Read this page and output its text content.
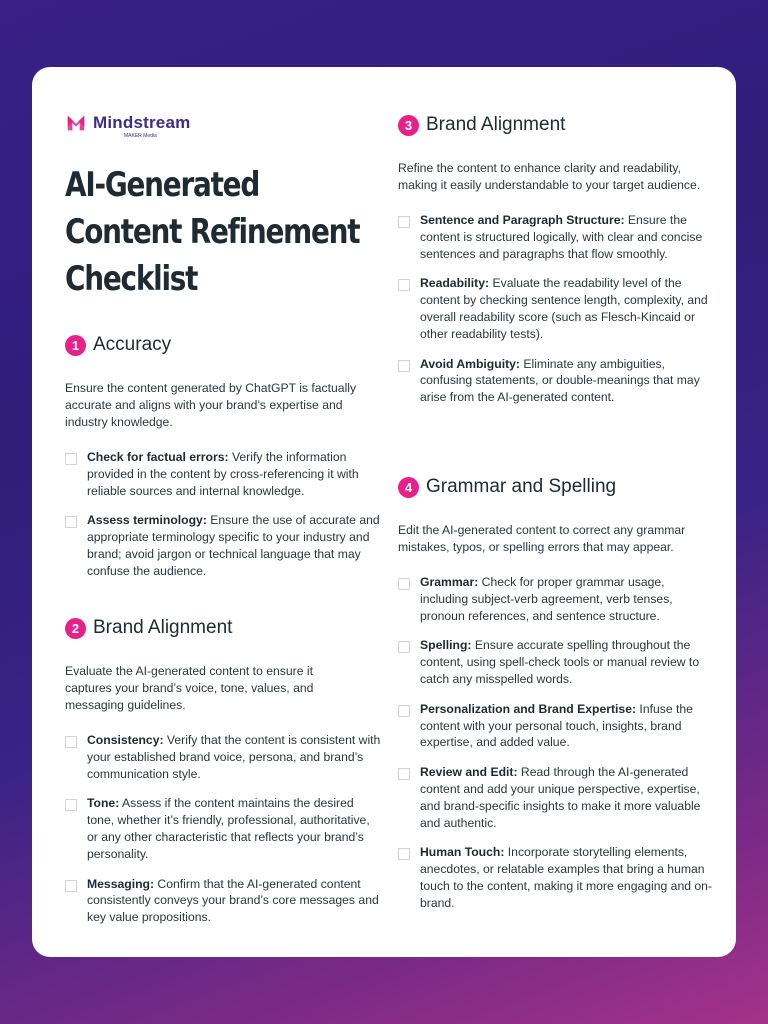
Mindstream
MAKER Media
AI-Generated
Content Refinement
Checklist
1 Accuracy
Ensure the content generated by ChatGPT is factually accurate and aligns with your brand’s expertise and industry knowledge.
Check for factual errors: Verify the information provided in the content by cross-referencing it with reliable sources and internal knowledge.
Assess terminology: Ensure the use of accurate and appropriate terminology specific to your industry and brand; avoid jargon or technical language that may confuse the audience.
2 Brand Alignment
Evaluate the AI-generated content to ensure it captures your brand’s voice, tone, values, and messaging guidelines.
Consistency: Verify that the content is consistent with your established brand voice, persona, and brand’s communication style.
Tone: Assess if the content maintains the desired tone, whether it’s friendly, professional, authoritative, or any other characteristic that reflects your brand’s personality.
Messaging: Confirm that the AI-generated content consistently conveys your brand’s core messages and key value propositions.
3 Brand Alignment
Refine the content to enhance clarity and readability, making it easily understandable to your target audience.
Sentence and Paragraph Structure: Ensure the content is structured logically, with clear and concise sentences and paragraphs that flow smoothly.
Readability: Evaluate the readability level of the content by checking sentence length, complexity, and overall readability score (such as Flesch-Kincaid or other readability tests).
Avoid Ambiguity: Eliminate any ambiguities, confusing statements, or double-meanings that may arise from the AI-generated content.
4 Grammar and Spelling
Edit the AI-generated content to correct any grammar mistakes, typos, or spelling errors that may appear.
Grammar: Check for proper grammar usage, including subject-verb agreement, verb tenses, pronoun references, and sentence structure.
Spelling: Ensure accurate spelling throughout the content, using spell-check tools or manual review to catch any misspelled words.
Personalization and Brand Expertise: Infuse the content with your personal touch, insights, brand expertise, and added value.
Review and Edit: Read through the AI-generated content and add your unique perspective, expertise, and brand-specific insights to make it more valuable and authentic.
Human Touch: Incorporate storytelling elements, anecdotes, or relatable examples that bring a human touch to the content, making it more engaging and on-brand.
